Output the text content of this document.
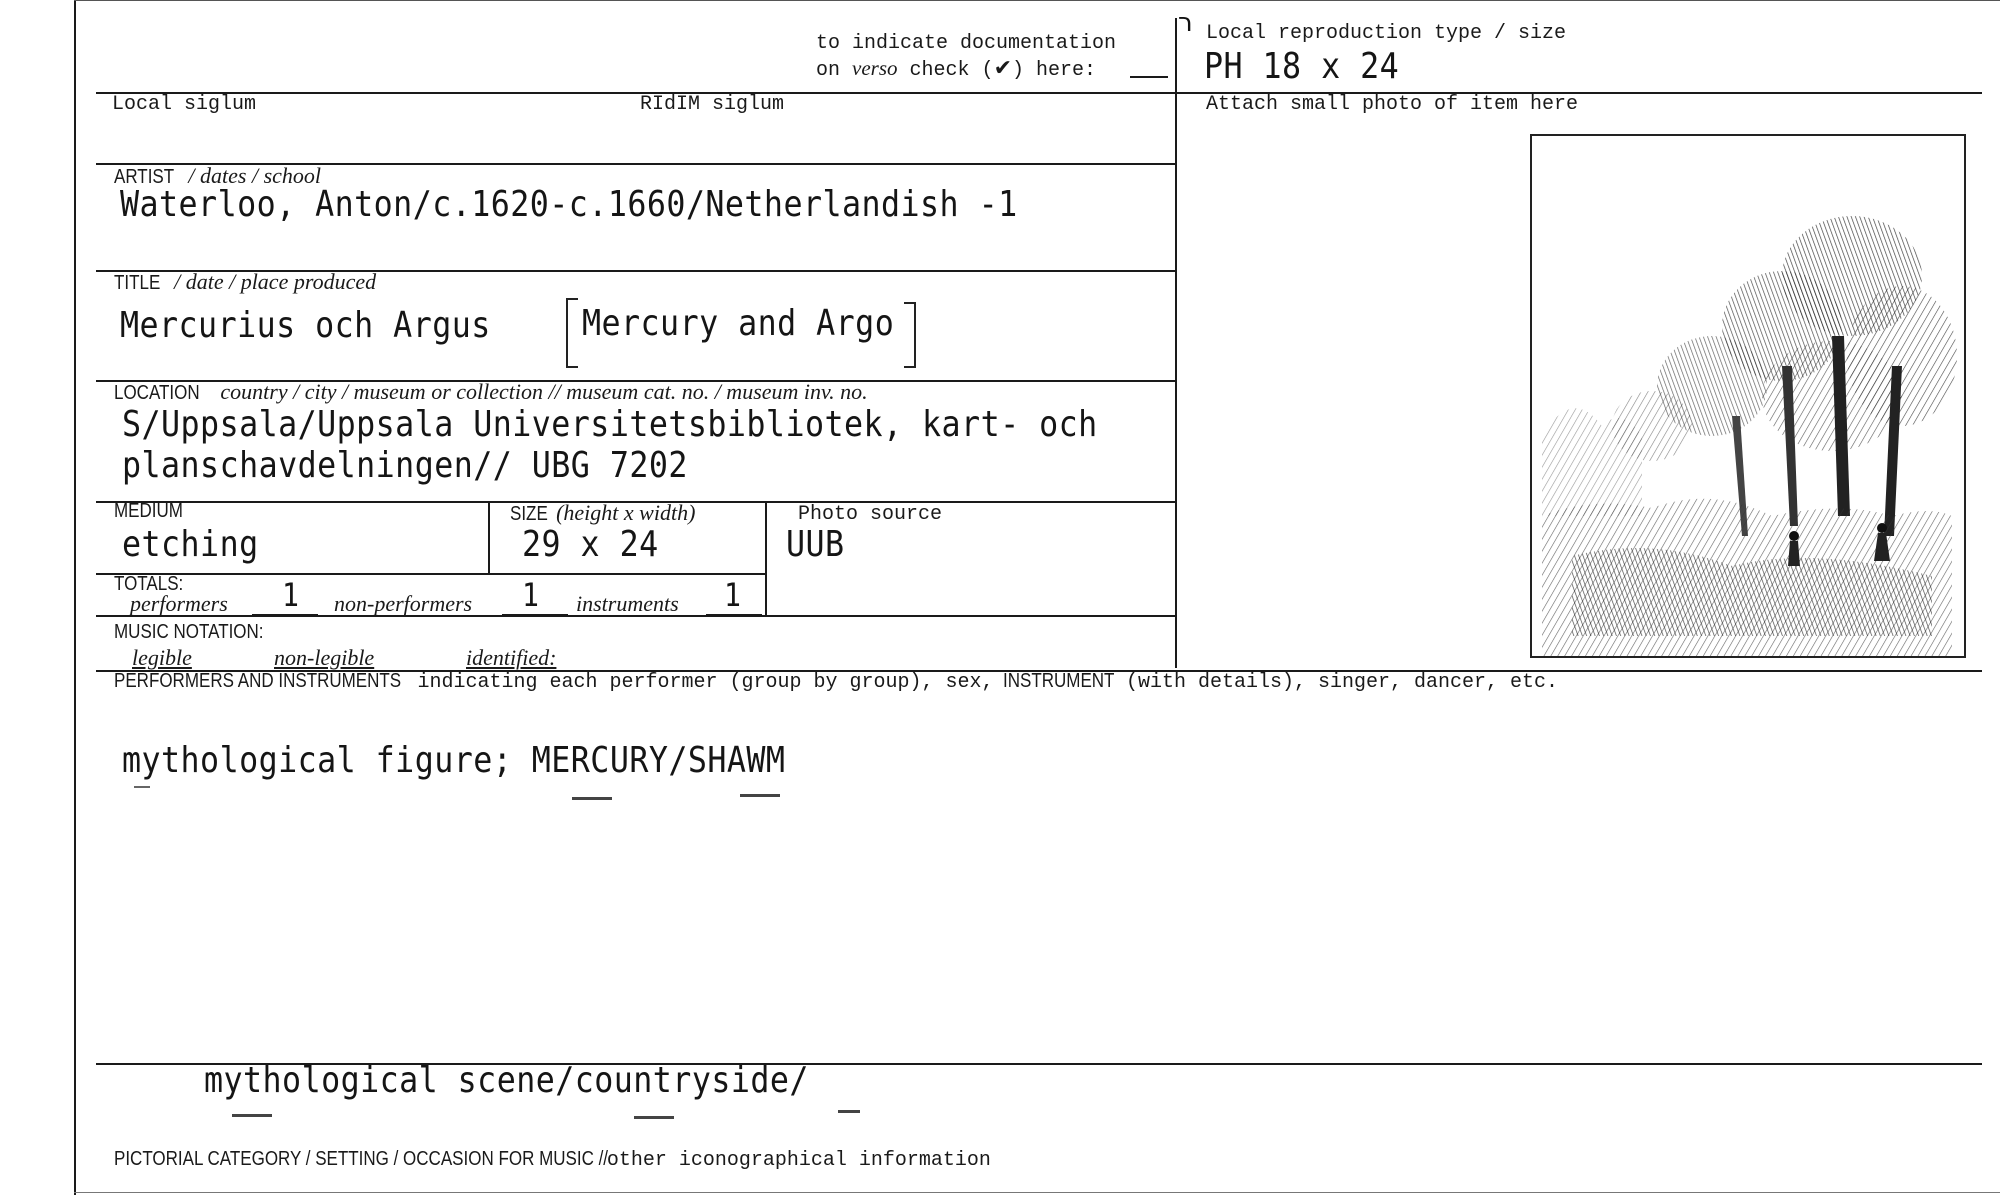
to indicate documentation
on verso check (✔) here:
ר Local reproduction type / size
PH 18 x 24
Local siglum	RIdIM siglum	Attach small photo of item here
ARTIST / dates / school
Waterloo, Anton/c.1620-c.1660/Netherlandish -1
TITLE / date / place produced
Mercurius och Argus	Mercury and Argo
LOCATION country / city / museum or collection // museum cat. no. / museum inv. no.
S/Uppsala/Uppsala Universitetsbibliotek, kart- och
planschavdelningen// UBG 7202
MEDIUM
etching
SIZE (height x width)
29 x 24
Photo source
UUB
TOTALS:
performers 1 non-performers 1 instruments 1
MUSIC NOTATION:
legible	non-legible	identified:
PERFORMERS AND INSTRUMENTS indicating each performer (group by group), sex, INSTRUMENT (with details), singer, dancer, etc.
mythological figure; MERCURY/SHAWM
mythological scene/countryside/
PICTORIAL CATEGORY / SETTING / OCCASION FOR MUSIC // other iconographical information
